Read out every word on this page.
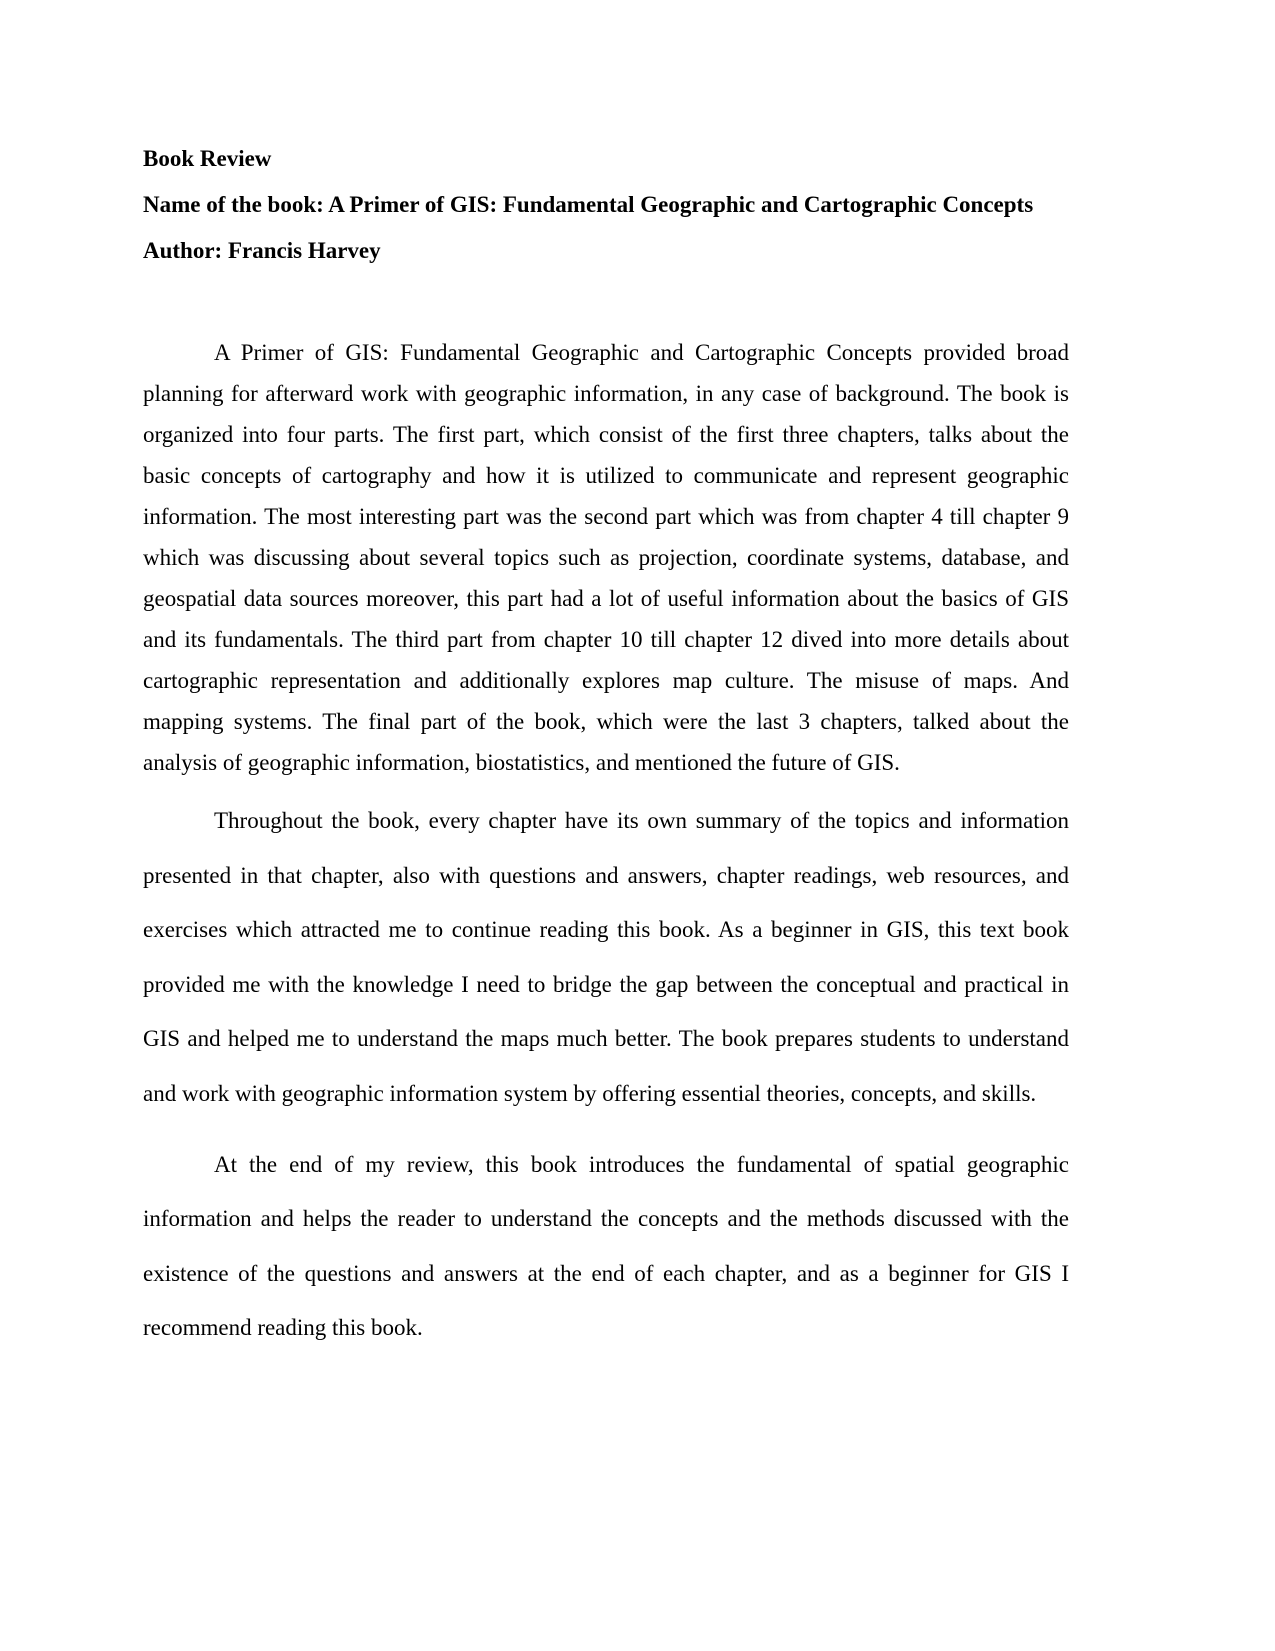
Book Review

Name of the book: A Primer of GIS: Fundamental Geographic and Cartographic Concepts

Author: Francis Harvey

A Primer of GIS: Fundamental Geographic and Cartographic Concepts provided broad planning for afterward work with geographic information, in any case of background. The book is organized into four parts. The first part, which consist of the first three chapters, talks about the basic concepts of cartography and how it is utilized to communicate and represent geographic information. The most interesting part was the second part which was from chapter 4 till chapter 9 which was discussing about several topics such as projection, coordinate systems, database, and geospatial data sources moreover, this part had a lot of useful information about the basics of GIS and its fundamentals. The third part from chapter 10 till chapter 12 dived into more details about cartographic representation and additionally explores map culture. The misuse of maps. And mapping systems. The final part of the book, which were the last 3 chapters, talked about the analysis of geographic information, biostatistics, and mentioned the future of GIS.

Throughout the book, every chapter have its own summary of the topics and information presented in that chapter, also with questions and answers, chapter readings, web resources, and exercises which attracted me to continue reading this book. As a beginner in GIS, this text book provided me with the knowledge I need to bridge the gap between the conceptual and practical in GIS and helped me to understand the maps much better. The book prepares students to understand and work with geographic information system by offering essential theories, concepts, and skills.

At the end of my review, this book introduces the fundamental of spatial geographic information and helps the reader to understand the concepts and the methods discussed with the existence of the questions and answers at the end of each chapter, and as a beginner for GIS I recommend reading this book.
